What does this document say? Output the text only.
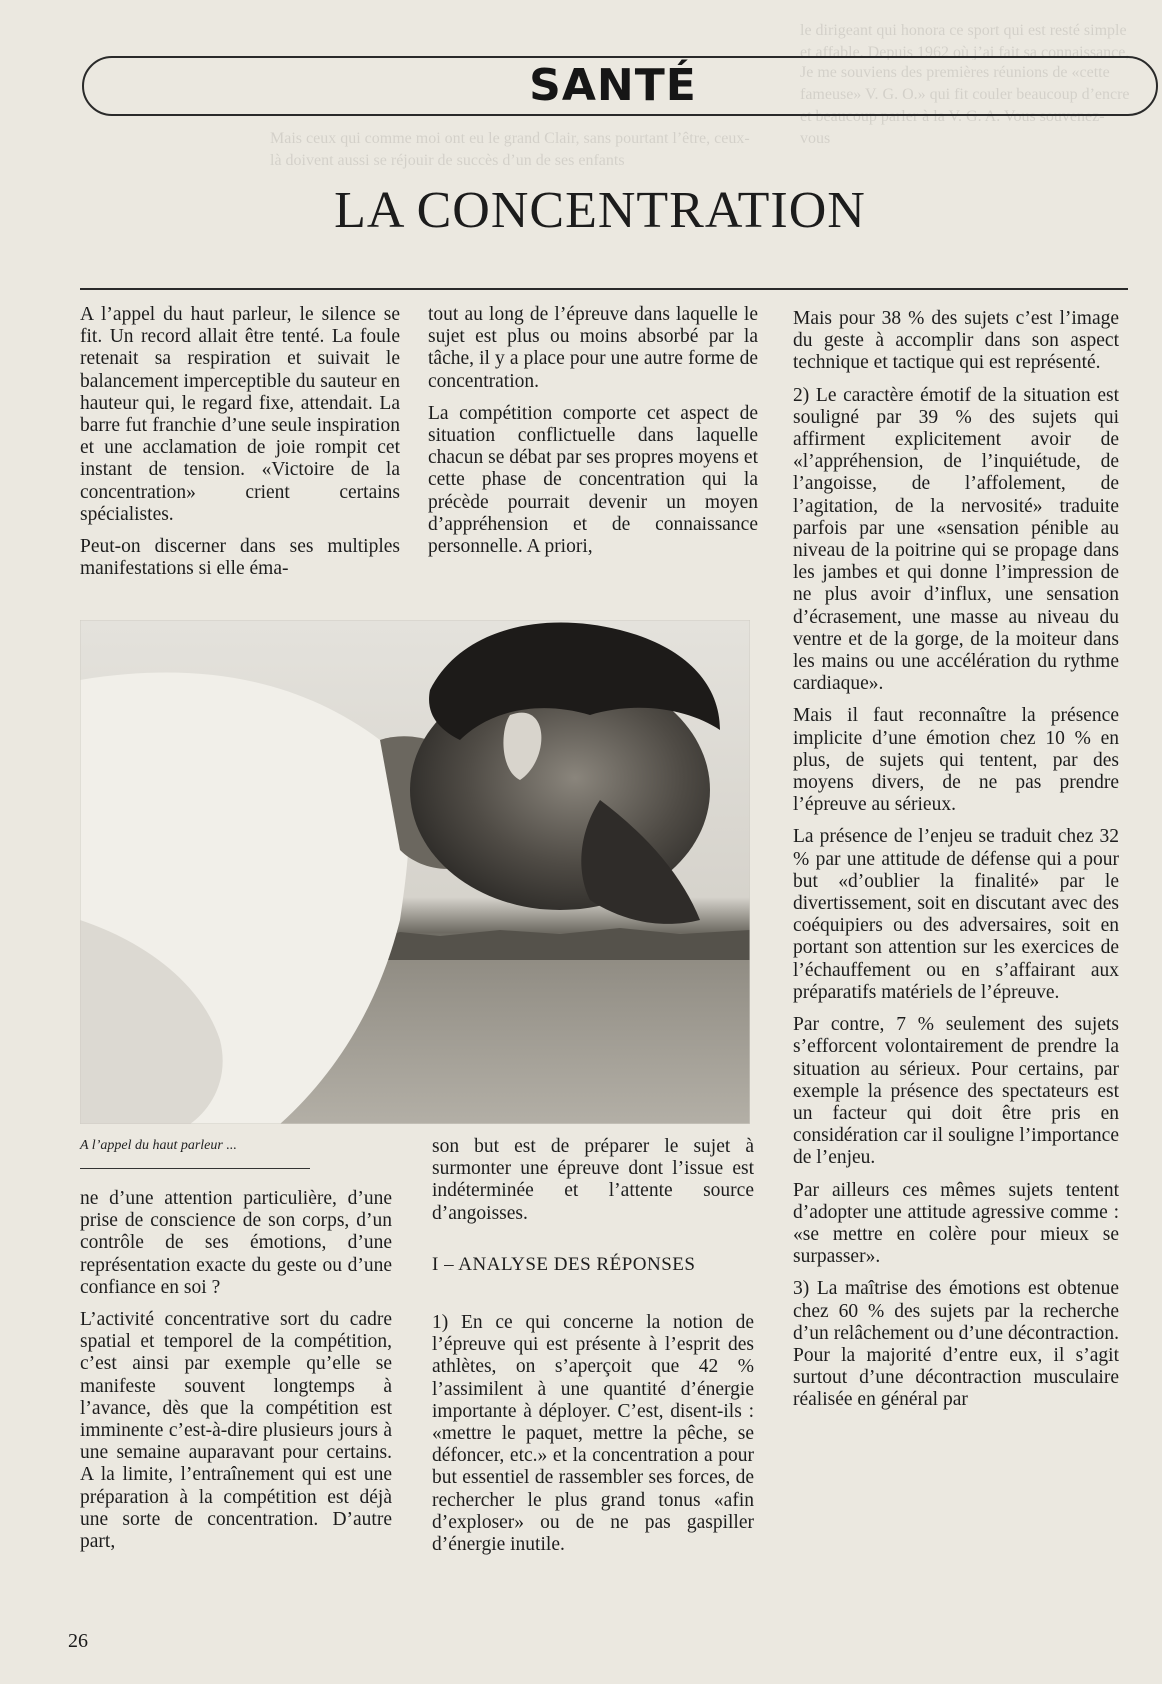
Je me souviens des premières réunions de «cette fameuse» V. G. O.» qui fit couler beaucoup d’encre et beaucoup parler à la V. G. A. Vous souvenez-vous
le dirigeant qui honora ce sport qui est resté simple et affable. Depuis 1962 où j’ai fait sa connaissance,
Mais ceux qui comme moi ont eu le grand Clair, sans pourtant l’être, ceux-là doivent aussi se réjouir de succès d’un de ses enfants
SANTÉ
LA CONCENTRATION

A l’appel du haut parleur, le silence se fit. Un record allait être tenté. La foule retenait sa respiration et suivait le balancement imperceptible du sauteur en hauteur qui, le regard fixe, attendait. La barre fut franchie d’une seule inspiration et une acclamation de joie rompit cet instant de tension. «Victoire de la concentration» crient certains spécialistes.

Peut-on discerner dans ses multiples manifestations si elle éma-

tout au long de l’épreuve dans laquelle le sujet est plus ou moins absorbé par la tâche, il y a place pour une autre forme de concentration.

La compétition comporte cet aspect de situation conflictuelle dans laquelle chacun se débat par ses propres moyens et cette phase de concentration qui la précède pourrait devenir un moyen d’appréhension et de connaissance personnelle. A priori,

Mais pour 38 % des sujets c’est l’image du geste à accomplir dans son aspect technique et tactique qui est représenté.

2) Le caractère émotif de la situation est souligné par 39 % des sujets qui affirment explicitement avoir de «l’appréhension, de l’inquiétude, de l’angoisse, de l’affolement, de l’agitation, de la nervosité» traduite parfois par une «sensation pénible au niveau de la poitrine qui se propage dans les jambes et qui donne l’impression de ne plus avoir d’influx, une sensation d’écrasement, une masse au niveau du ventre et de la gorge, de la moiteur dans les mains ou une accélération du rythme cardiaque».

Mais il faut reconnaître la présence implicite d’une émotion chez 10 % en plus, de sujets qui tentent, par des moyens divers, de ne pas prendre l’épreuve au sérieux.

La présence de l’enjeu se traduit chez 32 % par une attitude de défense qui a pour but «d’oublier la finalité» par le divertissement, soit en discutant avec des coéquipiers ou des adversaires, soit en portant son attention sur les exercices de l’échauffement ou en s’affairant aux préparatifs matériels de l’épreuve.

Par contre, 7 % seulement des sujets s’efforcent volontairement de prendre la situation au sérieux. Pour certains, par exemple la présence des spectateurs est un facteur qui doit être pris en considération car il souligne l’importance de l’enjeu.

Par ailleurs ces mêmes sujets tentent d’adopter une attitude agressive comme : «se mettre en colère pour mieux se surpasser».

3) La maîtrise des émotions est obtenue chez 60 % des sujets par la recherche d’un relâchement ou d’une décontraction. Pour la majorité d’entre eux, il s’agit surtout d’une décontraction musculaire réalisée en général par

A l’appel du haut parleur ...

ne d’une attention particulière, d’une prise de conscience de son corps, d’un contrôle de ses émotions, d’une représentation exacte du geste ou d’une confiance en soi ?

L’activité concentrative sort du cadre spatial et temporel de la compétition, c’est ainsi par exemple qu’elle se manifeste souvent longtemps à l’avance, dès que la compétition est imminente c’est-à-dire plusieurs jours à une semaine auparavant pour certains. A la limite, l’entraînement qui est une préparation à la compétition est déjà une sorte de concentration. D’autre part,

son but est de préparer le sujet à surmonter une épreuve dont l’issue est indéterminée et l’attente source d’angoisses.

I – ANALYSE DES RÉPONSES

1) En ce qui concerne la notion de l’épreuve qui est présente à l’esprit des athlètes, on s’aperçoit que 42 % l’assimilent à une quantité d’énergie importante à déployer. C’est, disent-ils : «mettre le paquet, mettre la pêche, se défoncer, etc.» et la concentration a pour but essentiel de rassembler ses forces, de rechercher le plus grand tonus «afin d’exploser» ou de ne pas gaspiller d’énergie inutile.

26
